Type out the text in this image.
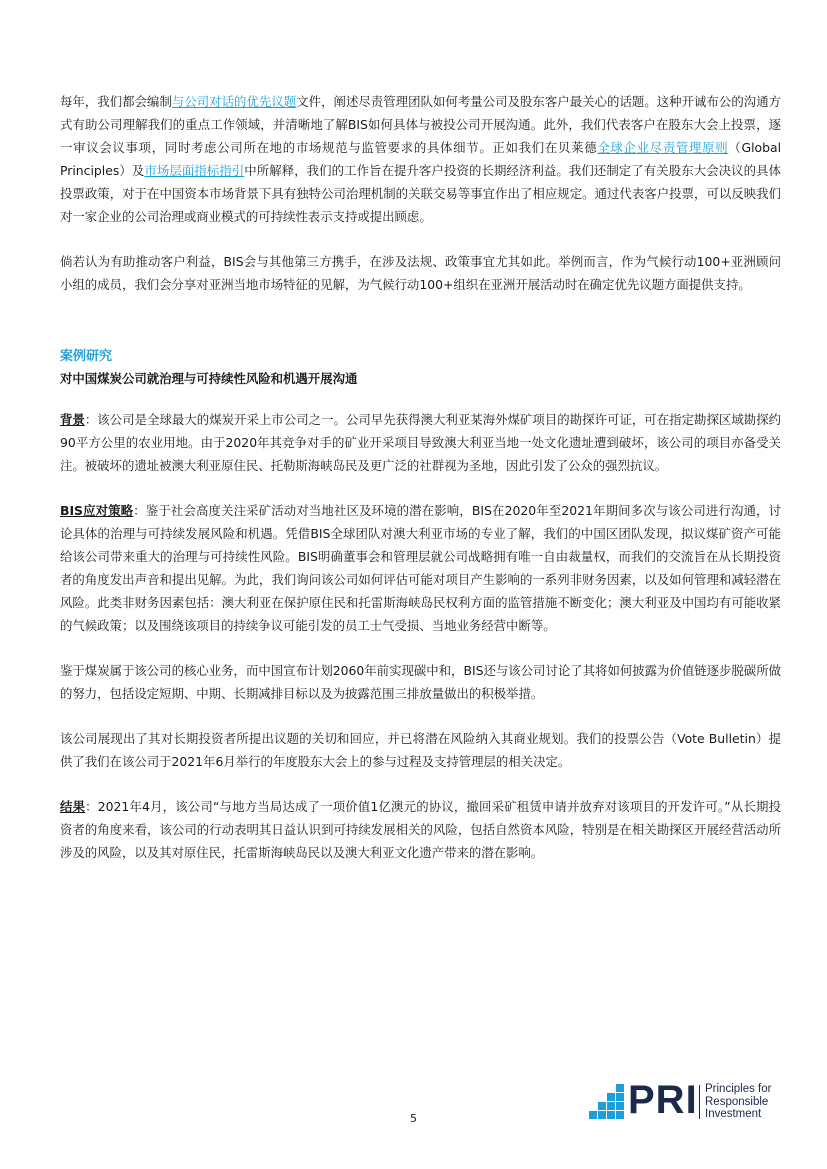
每年，我们都会编制与公司对话的优先议题文件，阐述尽责管理团队如何考量公司及股东客户最关心的话题。这种开诚布公的沟通方式有助公司理解我们的重点工作领域，并清晰地了解BIS如何具体与被投公司开展沟通。此外，我们代表客户在股东大会上投票，逐一审议会议事项，同时考虑公司所在地的市场规范与监管要求的具体细节。正如我们在贝莱德全球企业尽责管理原则（Global Principles）及市场层面指标指引中所解释，我们的工作旨在提升客户投资的长期经济利益。我们还制定了有关股东大会决议的具体投票政策，对于在中国资本市场背景下具有独特公司治理机制的关联交易等事宜作出了相应规定。通过代表客户投票，可以反映我们对一家企业的公司治理或商业模式的可持续性表示支持或提出顾虑。

倘若认为有助推动客户利益，BIS会与其他第三方携手，在涉及法规、政策事宜尤其如此。举例而言，作为气候行动100+亚洲顾问小组的成员，我们会分享对亚洲当地市场特征的见解，为气候行动100+组织在亚洲开展活动时在确定优先议题方面提供支持。

案例研究
对中国煤炭公司就治理与可持续性风险和机遇开展沟通

背景：该公司是全球最大的煤炭开采上市公司之一。公司早先获得澳大利亚某海外煤矿项目的勘探许可证，可在指定勘探区域勘探约90平方公里的农业用地。由于2020年其竞争对手的矿业开采项目导致澳大利亚当地一处文化遗址遭到破坏，该公司的项目亦备受关注。被破坏的遗址被澳大利亚原住民、托勒斯海峡岛民及更广泛的社群视为圣地，因此引发了公众的强烈抗议。

BIS应对策略：鉴于社会高度关注采矿活动对当地社区及环境的潜在影响，BIS在2020年至2021年期间多次与该公司进行沟通，讨论具体的治理与可持续发展风险和机遇。凭借BIS全球团队对澳大利亚市场的专业了解，我们的中国区团队发现，拟议煤矿资产可能给该公司带来重大的治理与可持续性风险。BIS明确董事会和管理层就公司战略拥有唯一自由裁量权，而我们的交流旨在从长期投资者的角度发出声音和提出见解。为此，我们询问该公司如何评估可能对项目产生影响的一系列非财务因素，以及如何管理和减轻潜在风险。此类非财务因素包括：澳大利亚在保护原住民和托雷斯海峡岛民权利方面的监管措施不断变化；澳大利亚及中国均有可能收紧的气候政策；以及围绕该项目的持续争议可能引发的员工士气受损、当地业务经营中断等。

鉴于煤炭属于该公司的核心业务，而中国宣布计划2060年前实现碳中和，BIS还与该公司讨论了其将如何披露为价值链逐步脱碳所做的努力，包括设定短期、中期、长期减排目标以及为披露范围三排放量做出的积极举措。

该公司展现出了其对长期投资者所提出议题的关切和回应，并已将潜在风险纳入其商业规划。我们的投票公告（Vote Bulletin）提供了我们在该公司于2021年6月举行的年度股东大会上的参与过程及支持管理层的相关决定。

结果：2021年4月，该公司“与地方当局达成了一项价值1亿澳元的协议，撤回采矿租赁申请并放弃对该项目的开发许可。”从长期投资者的角度来看，该公司的行动表明其日益认识到可持续发展相关的风险，包括自然资本风险，特别是在相关勘探区开展经营活动所涉及的风险，以及其对原住民，托雷斯海峡岛民以及澳大利亚文化遗产带来的潜在影响。

5	PRI Principles for
Responsible
Investment
